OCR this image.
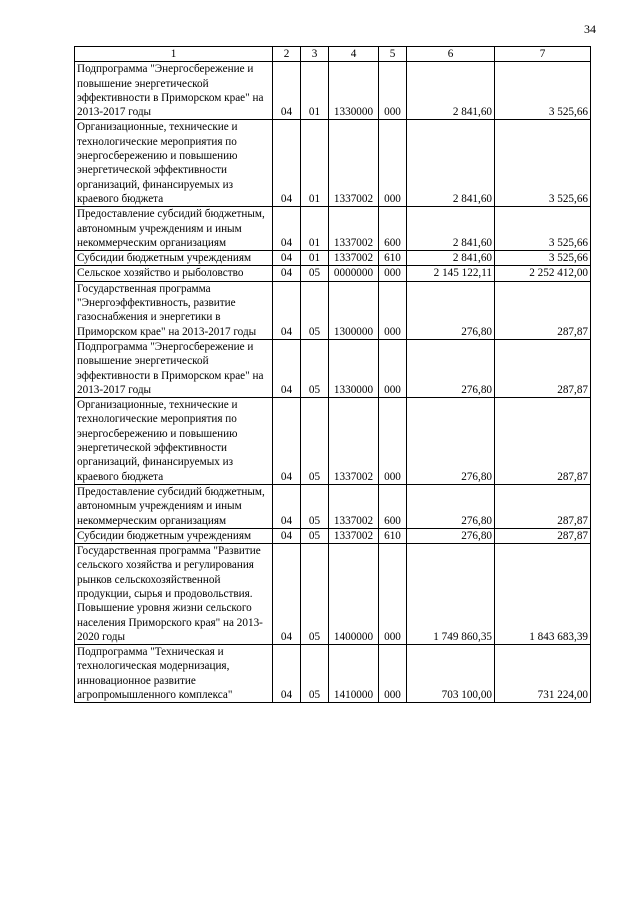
34
1	2	3	4	5	6	7
Подпрограмма "Энергосбережение и повышение энергетической эффективности в Приморском крае" на 2013-2017 годы	04	01	1330000	000	2 841,60	3 525,66
Организационные, технические и технологические мероприятия по энергосбережению и повышению энергетической эффективности организаций, финансируемых из краевого бюджета	04	01	1337002	000	2 841,60	3 525,66
Предоставление субсидий бюджетным, автономным учреждениям и иным некоммерческим организациям	04	01	1337002	600	2 841,60	3 525,66
Субсидии бюджетным учреждениям	04	01	1337002	610	2 841,60	3 525,66
Сельское хозяйство и рыболовство	04	05	0000000	000	2 145 122,11	2 252 412,00
Государственная программа "Энергоэффективность, развитие газоснабжения и энергетики в Приморском крае" на 2013-2017 годы	04	05	1300000	000	276,80	287,87
Подпрограмма "Энергосбережение и повышение энергетической эффективности в Приморском крае" на 2013-2017 годы	04	05	1330000	000	276,80	287,87
Организационные, технические и технологические мероприятия по энергосбережению и повышению энергетической эффективности организаций, финансируемых из краевого бюджета	04	05	1337002	000	276,80	287,87
Предоставление субсидий бюджетным, автономным учреждениям и иным некоммерческим организациям	04	05	1337002	600	276,80	287,87
Субсидии бюджетным учреждениям	04	05	1337002	610	276,80	287,87
Государственная программа "Развитие сельского хозяйства и регулирования рынков сельскохозяйственной продукции, сырья и продовольствия. Повышение уровня жизни сельского населения Приморского края" на 2013-2020 годы	04	05	1400000	000	1 749 860,35	1 843 683,39
Подпрограмма "Техническая и технологическая модернизация, инновационное развитие агропромышленного комплекса"	04	05	1410000	000	703 100,00	731 224,00
